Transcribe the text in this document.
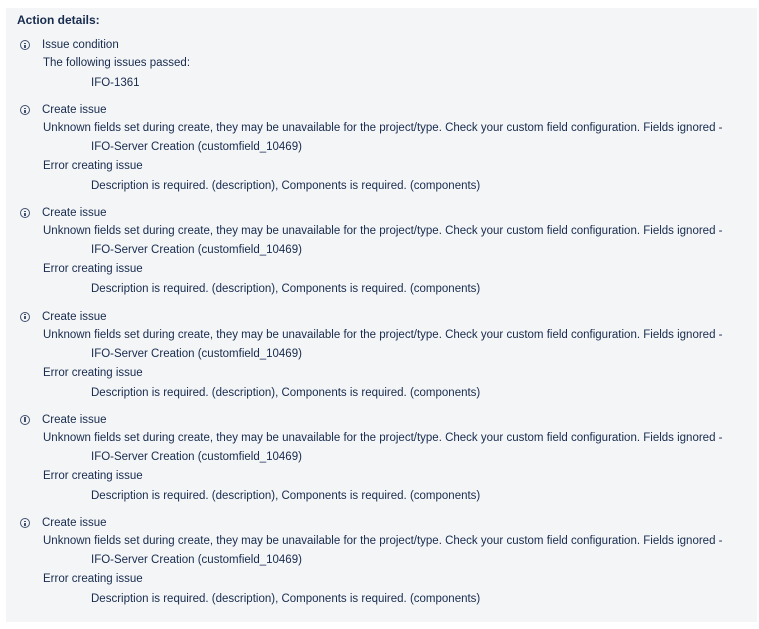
Action details:
Issue condition
The following issues passed:
IFO-1361
Create issue
Unknown fields set during create, they may be unavailable for the project/type. Check your custom field configuration. Fields ignored -
IFO-Server Creation (customfield_10469)
Error creating issue
Description is required. (description), Components is required. (components)
Create issue
Unknown fields set during create, they may be unavailable for the project/type. Check your custom field configuration. Fields ignored -
IFO-Server Creation (customfield_10469)
Error creating issue
Description is required. (description), Components is required. (components)
Create issue
Unknown fields set during create, they may be unavailable for the project/type. Check your custom field configuration. Fields ignored -
IFO-Server Creation (customfield_10469)
Error creating issue
Description is required. (description), Components is required. (components)
Create issue
Unknown fields set during create, they may be unavailable for the project/type. Check your custom field configuration. Fields ignored -
IFO-Server Creation (customfield_10469)
Error creating issue
Description is required. (description), Components is required. (components)
Create issue
Unknown fields set during create, they may be unavailable for the project/type. Check your custom field configuration. Fields ignored -
IFO-Server Creation (customfield_10469)
Error creating issue
Description is required. (description), Components is required. (components)
